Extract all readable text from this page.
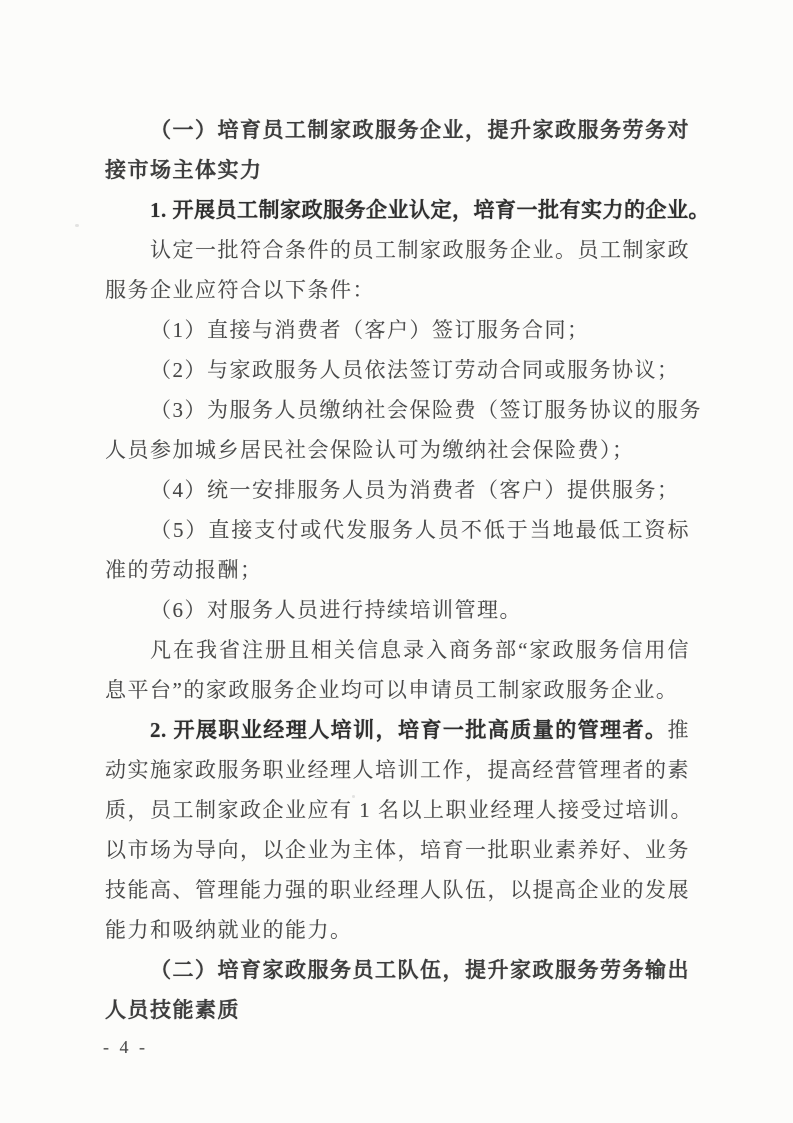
（一）培育员工制家政服务企业，提升家政服务劳务对
接市场主体实力
1. 开展员工制家政服务企业认定，培育一批有实力的企业。
认定一批符合条件的员工制家政服务企业。员工制家政
服务企业应符合以下条件：
（1）直接与消费者（客户）签订服务合同；
（2）与家政服务人员依法签订劳动合同或服务协议；
（3）为服务人员缴纳社会保险费（签订服务协议的服务
人员参加城乡居民社会保险认可为缴纳社会保险费）；
（4）统一安排服务人员为消费者（客户）提供服务；
（5）直接支付或代发服务人员不低于当地最低工资标
准的劳动报酬；
（6）对服务人员进行持续培训管理。
凡在我省注册且相关信息录入商务部“家政服务信用信
息平台”的家政服务企业均可以申请员工制家政服务企业。
2. 开展职业经理人培训，培育一批高质量的管理者。推
动实施家政服务职业经理人培训工作，提高经营管理者的素
质，员工制家政企业应有 1 名以上职业经理人接受过培训。
以市场为导向，以企业为主体，培育一批职业素养好、业务
技能高、管理能力强的职业经理人队伍，以提高企业的发展
能力和吸纳就业的能力。
（二）培育家政服务员工队伍，提升家政服务劳务输出
人员技能素质
- 4 -
